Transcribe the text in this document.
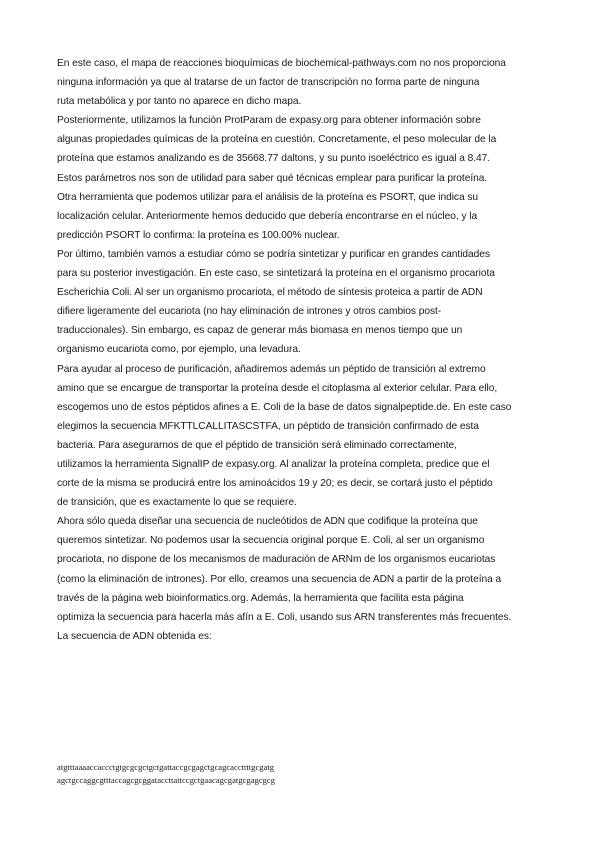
En este caso, el mapa de reacciones bioquímicas de biochemical-pathways.com no nos proporciona
ninguna información ya que al tratarse de un factor de transcripción no forma parte de ninguna
ruta metabólica y por tanto no aparece en dicho mapa.
Posteriormente, utilizamos la función ProtParam de expasy.org para obtener información sobre
algunas propiedades químicas de la proteína en cuestión. Concretamente, el peso molecular de la
proteína que estamos analizando es de 35668.77 daltons, y su punto isoeléctrico es igual a 8.47.
Estos parámetros nos son de utilidad para saber qué técnicas emplear para purificar la proteína.
Otra herramienta que podemos utilizar para el análisis de la proteína es PSORT, que indica su
localización celular. Anteriormente hemos deducido que debería encontrarse en el núcleo, y la
predicción PSORT lo confirma: la proteína es 100.00% nuclear.
Por último, también vamos a estudiar cómo se podría sintetizar y purificar en grandes cantidades
para su posterior investigación. En este caso, se sintetizará la proteína en el organismo procariota
Escherichia Coli. Al ser un organismo procariota, el método de síntesis proteica a partir de ADN
difiere ligeramente del eucariota (no hay eliminación de intrones y otros cambios post-
traduccionales). Sin embargo, es capaz de generar más biomasa en menos tiempo que un
organismo eucariota como, por ejemplo, una levadura.
Para ayudar al proceso de purificación, añadiremos además un péptido de transición al extremo
amino que se encargue de transportar la proteína desde el citoplasma al exterior celular. Para ello,
escogemos uno de estos péptidos afines a E. Coli de la base de datos signalpeptide.de. En este caso
elegimos la secuencia MFKTTLCALLITASCSTFA, un péptido de transición confirmado de esta
bacteria. Para asegurarnos de que el péptido de transición será eliminado correctamente,
utilizamos la herramienta SignalIP de expasy.org. Al analizar la proteína completa, predice que el
corte de la misma se producirá entre los aminoácidos 19 y 20; es decir, se cortará justo el péptido
de transición, que es exactamente lo que se requiere.
Ahora sólo queda diseñar una secuencia de nucleótidos de ADN que codifique la proteína que
queremos sintetizar. No podemos usar la secuencia original porque E. Coli, al ser un organismo
procariota, no dispone de los mecanismos de maduración de ARNm de los organismos eucariotas
(como la eliminación de intrones). Por ello, creamos una secuencia de ADN a partir de la proteína a
través de la página web bioinformatics.org. Además, la herramienta que facilita esta página
optimiza la secuencia para hacerla más afín a E. Coli, usando sus ARN transferentes más frecuentes.
La secuencia de ADN obtenida es:
atgtttaaaaccaccctgtgcgcgctgctgattaccgcgagctgcagcaccttttgcgatg
agctgccaggcgtttaccagcgcggataccttattccgctgaacagcgatgcgagcgcg
